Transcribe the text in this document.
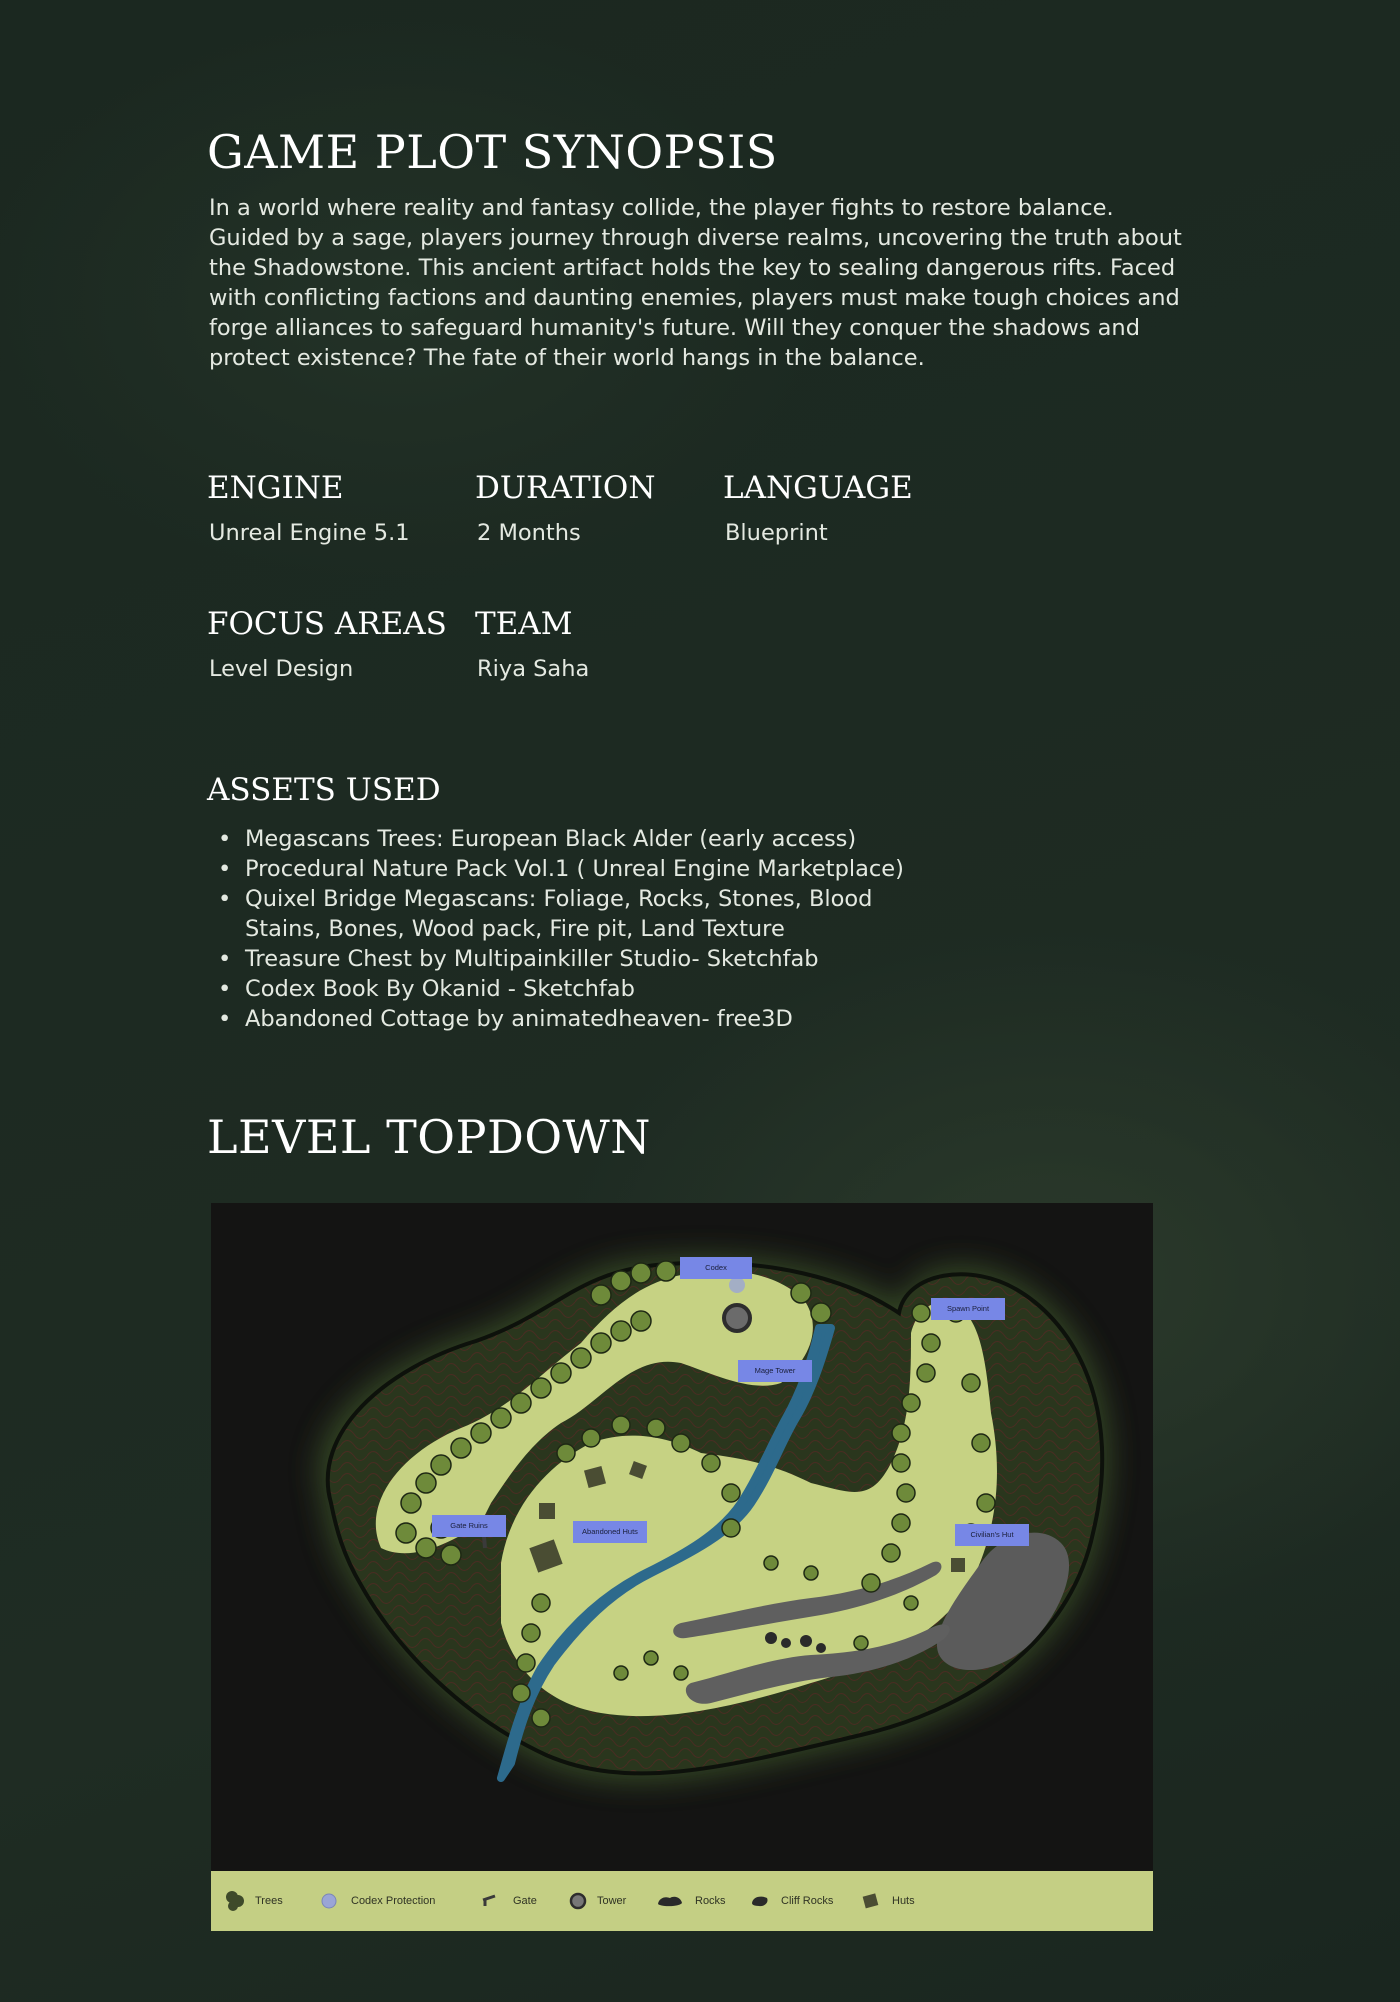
GAME PLOT SYNOPSIS

In a world where reality and fantasy collide, the player fights to restore balance.
Guided by a sage, players journey through diverse realms, uncovering the truth about
the Shadowstone. This ancient artifact holds the key to sealing dangerous rifts. Faced
with conflicting factions and daunting enemies, players must make tough choices and
forge alliances to safeguard humanity's future. Will they conquer the shadows and
protect existence? The fate of their world hangs in the balance.

ENGINE

Unreal Engine 5.1

DURATION

2 Months

LANGUAGE

Blueprint

FOCUS AREAS

Level Design

TEAM

Riya Saha

ASSETS USED
• Megascans Trees: European Black Alder (early access)
• Procedural Nature Pack Vol.1 ( Unreal Engine Marketplace)
• Quixel Bridge Megascans: Foliage, Rocks, Stones, Blood Stains, Bones, Wood pack, Fire pit, Land Texture
• Treasure Chest by Multipainkiller Studio- Sketchfab
• Codex Book By Okanid - Sketchfab
• Abandoned Cottage by animatedheaven- free3D
LEVEL TOPDOWN
Codex
Spawn Point
Mage Tower
Gate Ruins
Abandoned Huts	Civilian's Hut
Trees	Codex Protection	Gate	Tower	Rocks	Cliff Rocks	Huts
